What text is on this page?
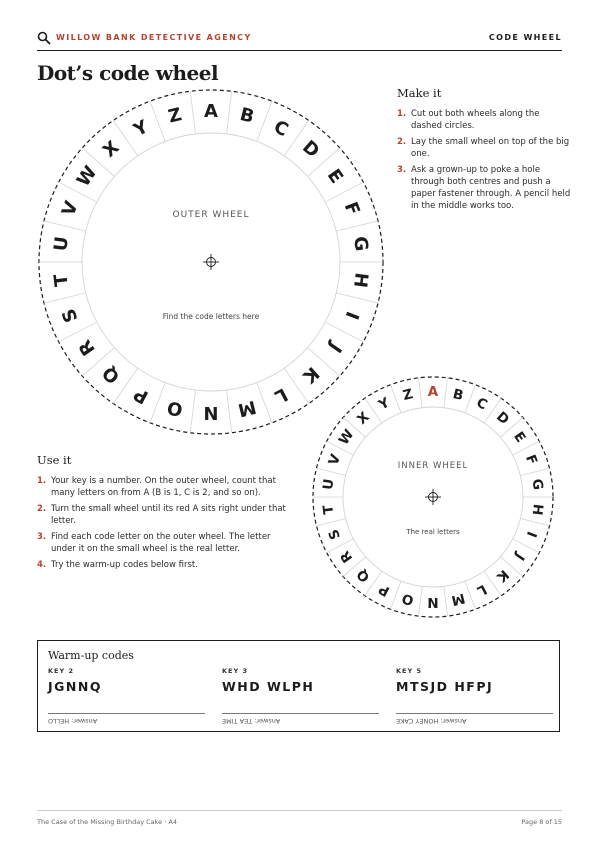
WILLOW BANK DETECTIVE AGENCY	CODE WHEEL
Dot’s code wheel
A B
C
D
E
F
G
H
I
J
K
L
M
N
O
P
Q
R
S
T
U
V
W
X
Y
Z
OUTER WHEEL
Find the code letters here
A B C
D
E
F
G
H
I
J
K
L
M
N
O
P
Q
R
S
T
U
V
W
X
Y Z
INNER WHEEL
The real letters
Make it
1. Cut out both wheels along the dashed circles.
2. Lay the small wheel on top of the big one.
3. Ask a grown-up to poke a hole through both centres and push a paper fastener through. A pencil held in the middle works too.
Use it
1. Your key is a number. On the outer wheel, count that many letters on from A (B is 1, C is 2, and so on).
2. Turn the small wheel until its red A sits right under that letter.
3. Find each code letter on the outer wheel. The letter under it on the small wheel is the real letter.
4. Try the warm-up codes below first.
Warm-up codes
KEY 2
JGNNQ
Answer: HELLO
KEY 3
WHD WLPH
Answer: TEA TIME
KEY 5
MTSJD HFPJ
Answer: HONEY CAKE
The Case of the Missing Birthday Cake · A4	Page 8 of 15
